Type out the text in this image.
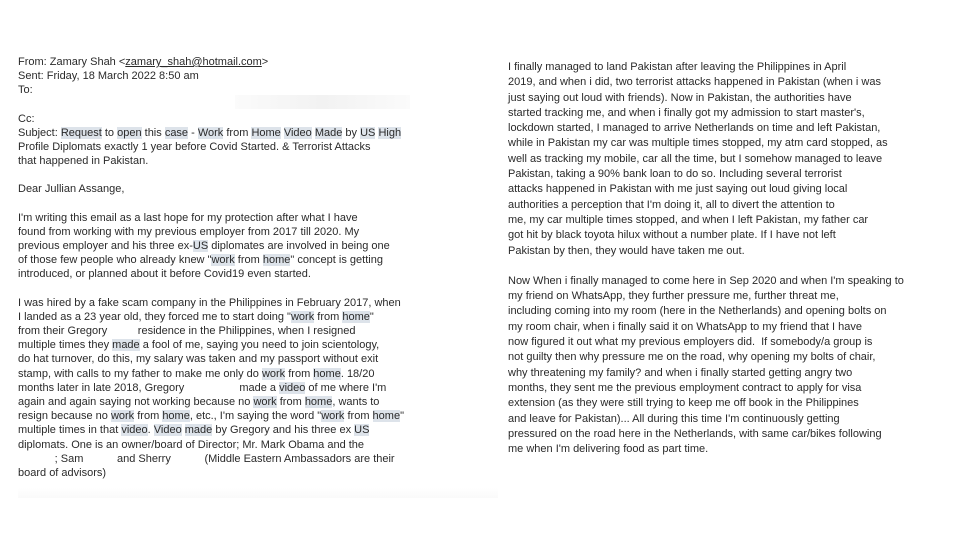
From: Zamary Shah <zamary_shah@hotmail.com>
Sent: Friday, 18 March 2022 8:50 am
To:
Cc:
Subject: Request to open this case - Work from Home Video Made by US High
Profile Diplomats exactly 1 year before Covid Started. & Terrorist Attacks
that happened in Pakistan.
Dear Jullian Assange,
I'm writing this email as a last hope for my protection after what I have
found from working with my previous employer from 2017 till 2020. My
previous employer and his three ex-US diplomates are involved in being one
of those few people who already knew "work from home" concept is getting
introduced, or planned about it before Covid19 even started.
I was hired by a fake scam company in the Philippines in February 2017, when
I landed as a 23 year old, they forced me to start doing "work from home"
from their Gregory          residence in the Philippines, when I resigned
multiple times they made a fool of me, saying you need to join scientology,
do hat turnover, do this, my salary was taken and my passport without exit
stamp, with calls to my father to make me only do work from home. 18/20
months later in late 2018, Gregory                  made a video of me where I'm
again and again saying not working because no work from home, wants to
resign because no work from home, etc., I'm saying the word "work from home"
multiple times in that video. Video made by Gregory and his three ex US
diplomats. One is an owner/board of Director; Mr. Mark Obama and the
; Sam           and Sherry           (Middle Eastern Ambassadors are their
board of advisors)
I finally managed to land Pakistan after leaving the Philippines in April
2019, and when i did, two terrorist attacks happened in Pakistan (when i was
just saying out loud with friends). Now in Pakistan, the authorities have
started tracking me, and when i finally got my admission to start master's,
lockdown started, I managed to arrive Netherlands on time and left Pakistan,
while in Pakistan my car was multiple times stopped, my atm card stopped, as
well as tracking my mobile, car all the time, but I somehow managed to leave
Pakistan, taking a 90% bank loan to do so. Including several terrorist
attacks happened in Pakistan with me just saying out loud giving local
authorities a perception that I'm doing it, all to divert the attention to
me, my car multiple times stopped, and when I left Pakistan, my father car
got hit by black toyota hilux without a number plate. If I have not left
Pakistan by then, they would have taken me out.
Now When i finally managed to come here in Sep 2020 and when I'm speaking to
my friend on WhatsApp, they further pressure me, further threat me,
including coming into my room (here in the Netherlands) and opening bolts on
my room chair, when i finally said it on WhatsApp to my friend that I have
now figured it out what my previous employers did.  If somebody/a group is
not guilty then why pressure me on the road, why opening my bolts of chair,
why threatening my family? and when i finally started getting angry two
months, they sent me the previous employment contract to apply for visa
extension (as they were still trying to keep me off book in the Philippines
and leave for Pakistan)... All during this time I'm continuously getting
pressured on the road here in the Netherlands, with same car/bikes following
me when I'm delivering food as part time.
